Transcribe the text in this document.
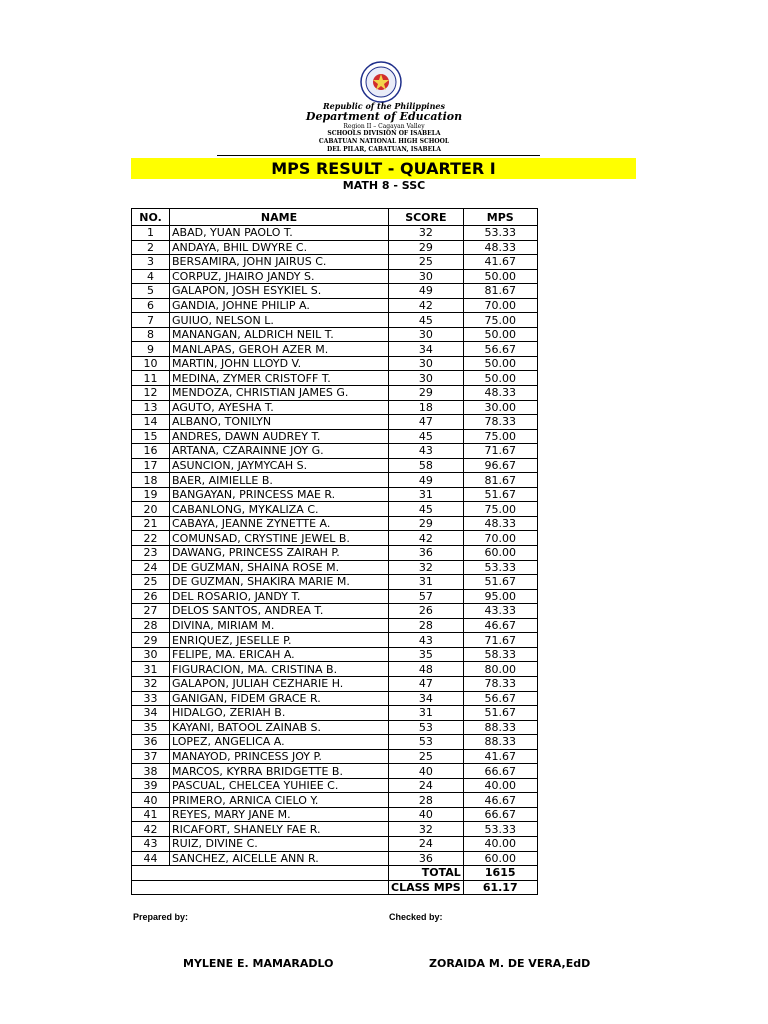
Republic of the Philippines
Department of Education
Region II – Cagayan Valley
SCHOOLS DIVISION OF ISABELA
CABATUAN NATIONAL HIGH SCHOOL
DEL PILAR, CABATUAN, ISABELA
MPS RESULT - QUARTER I
MATH 8 - SSC
NO.	NAME	SCORE	MPS
1	ABAD, YUAN PAOLO T.	32	53.33
2	ANDAYA, BHIL DWYRE C.	29	48.33
3	BERSAMIRA, JOHN JAIRUS C.	25	41.67
4	CORPUZ, JHAIRO JANDY S.	30	50.00
5	GALAPON, JOSH ESYKIEL S.	49	81.67
6	GANDIA, JOHNE PHILIP A.	42	70.00
7	GUIUO, NELSON L.	45	75.00
8	MANANGAN, ALDRICH NEIL T.	30	50.00
9	MANLAPAS, GEROH AZER M.	34	56.67
10	MARTIN, JOHN LLOYD V.	30	50.00
11	MEDINA, ZYMER CRISTOFF T.	30	50.00
12	MENDOZA, CHRISTIAN JAMES G.	29	48.33
13	AGUTO, AYESHA T.	18	30.00
14	ALBANO, TONILYN	47	78.33
15	ANDRES, DAWN AUDREY T.	45	75.00
16	ARTANA, CZARAINNE JOY G.	43	71.67
17	ASUNCION, JAYMYCAH S.	58	96.67
18	BAER, AIMIELLE B.	49	81.67
19	BANGAYAN, PRINCESS MAE R.	31	51.67
20	CABANLONG, MYKALIZA C.	45	75.00
21	CABAYA, JEANNE ZYNETTE A.	29	48.33
22	COMUNSAD, CRYSTINE JEWEL B.	42	70.00
23	DAWANG, PRINCESS ZAIRAH P.	36	60.00
24	DE GUZMAN, SHAINA ROSE M.	32	53.33
25	DE GUZMAN, SHAKIRA MARIE M.	31	51.67
26	DEL ROSARIO, JANDY T.	57	95.00
27	DELOS SANTOS, ANDREA T.	26	43.33
28	DIVINA, MIRIAM M.	28	46.67
29	ENRIQUEZ, JESELLE P.	43	71.67
30	FELIPE, MA. ERICAH A.	35	58.33
31	FIGURACION, MA. CRISTINA B.	48	80.00
32	GALAPON, JULIAH CEZHARIE H.	47	78.33
33	GANIGAN, FIDEM GRACE R.	34	56.67
34	HIDALGO, ZERIAH B.	31	51.67
35	KAYANI, BATOOL ZAINAB S.	53	88.33
36	LOPEZ, ANGELICA A.	53	88.33
37	MANAYOD, PRINCESS JOY P.	25	41.67
38	MARCOS, KYRRA BRIDGETTE B.	40	66.67
39	PASCUAL, CHELCEA YUHIEE C.	24	40.00
40	PRIMERO, ARNICA CIELO Y.	28	46.67
41	REYES, MARY JANE M.	40	66.67
42	RICAFORT, SHANELY FAE R.	32	53.33
43	RUIZ, DIVINE C.	24	40.00
44	SANCHEZ, AICELLE ANN R.	36	60.00
		TOTAL	1615
		CLASS MPS	61.17
Prepared by:	Checked by:
MYLENE E. MAMARADLO	ZORAIDA M. DE VERA,EdD
